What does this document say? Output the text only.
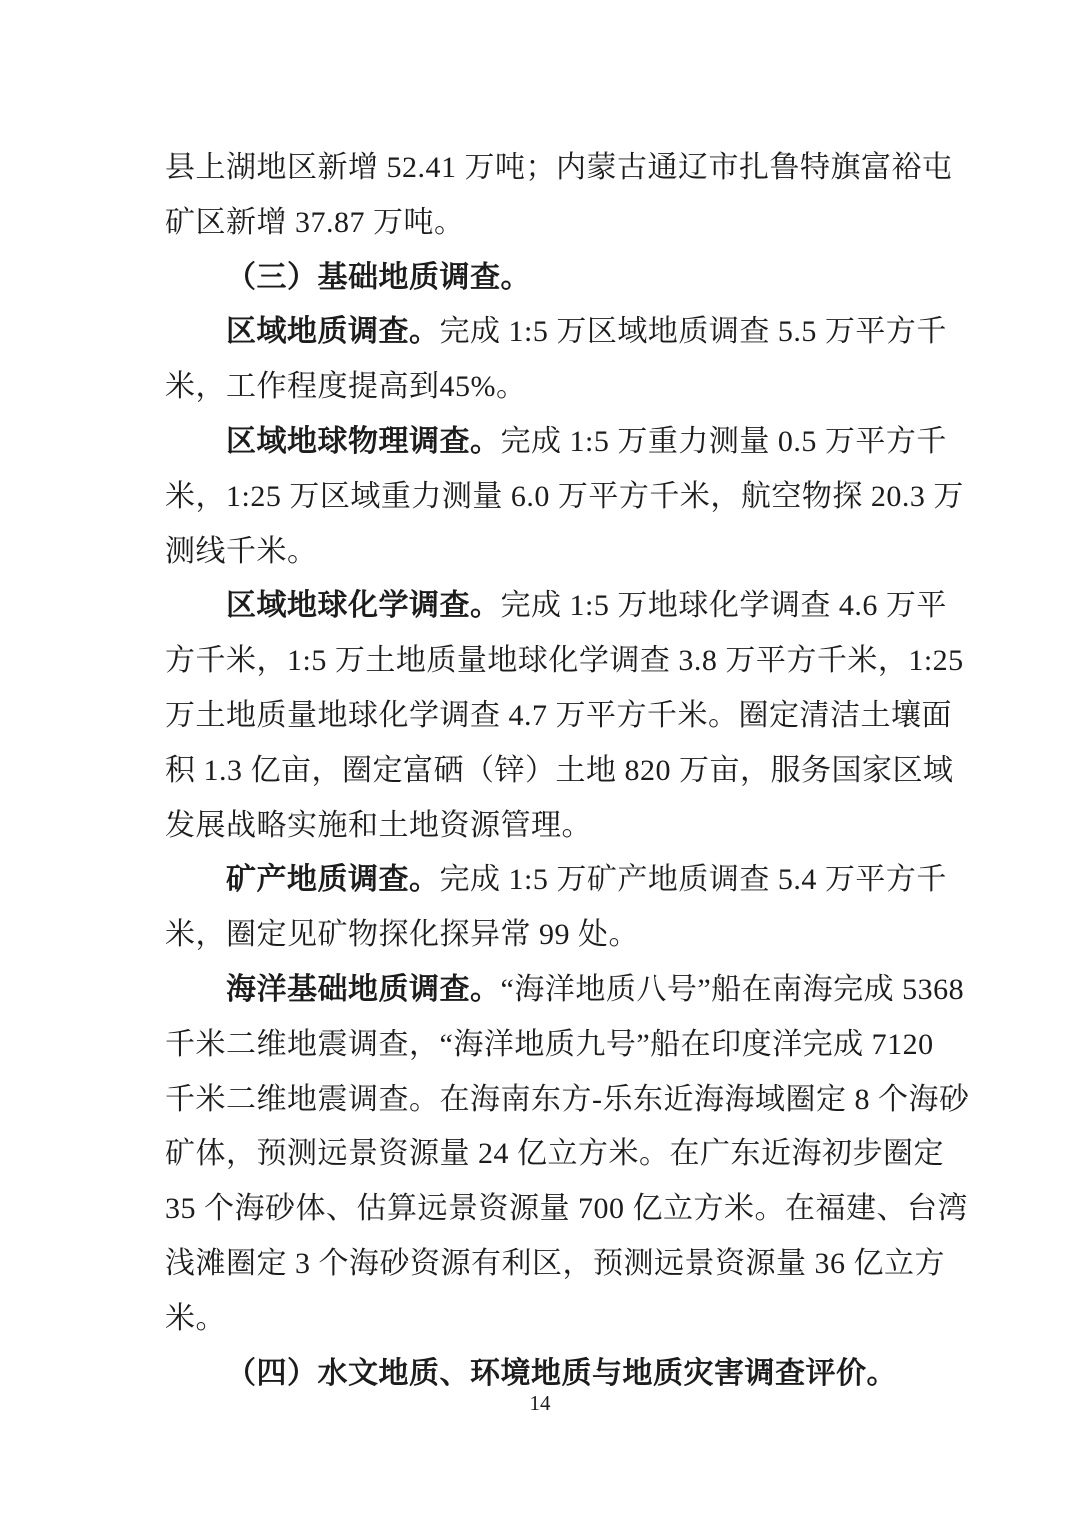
县上湖地区新增 52.41 万吨；内蒙古通辽市扎鲁特旗富裕屯
矿区新增 37.87 万吨。
（三）基础地质调查。
区域地质调查。完成 1:5 万区域地质调查 5.5 万平方千
米，工作程度提高到45%。
区域地球物理调查。完成 1:5 万重力测量 0.5 万平方千
米，1:25 万区域重力测量 6.0 万平方千米，航空物探 20.3 万
测线千米。
区域地球化学调查。完成 1:5 万地球化学调查 4.6 万平
方千米，1:5 万土地质量地球化学调查 3.8 万平方千米，1:25
万土地质量地球化学调查 4.7 万平方千米。圈定清洁土壤面
积 1.3 亿亩，圈定富硒（锌）土地 820 万亩，服务国家区域
发展战略实施和土地资源管理。
矿产地质调查。完成 1:5 万矿产地质调查 5.4 万平方千
米，圈定见矿物探化探异常 99 处。
海洋基础地质调查。“海洋地质八号”船在南海完成 5368
千米二维地震调查，“海洋地质九号”船在印度洋完成 7120
千米二维地震调查。在海南东方-乐东近海海域圈定 8 个海砂
矿体，预测远景资源量 24 亿立方米。在广东近海初步圈定
35 个海砂体、估算远景资源量 700 亿立方米。在福建、台湾
浅滩圈定 3 个海砂资源有利区，预测远景资源量 36 亿立方
米。
（四）水文地质、环境地质与地质灾害调查评价。
14
